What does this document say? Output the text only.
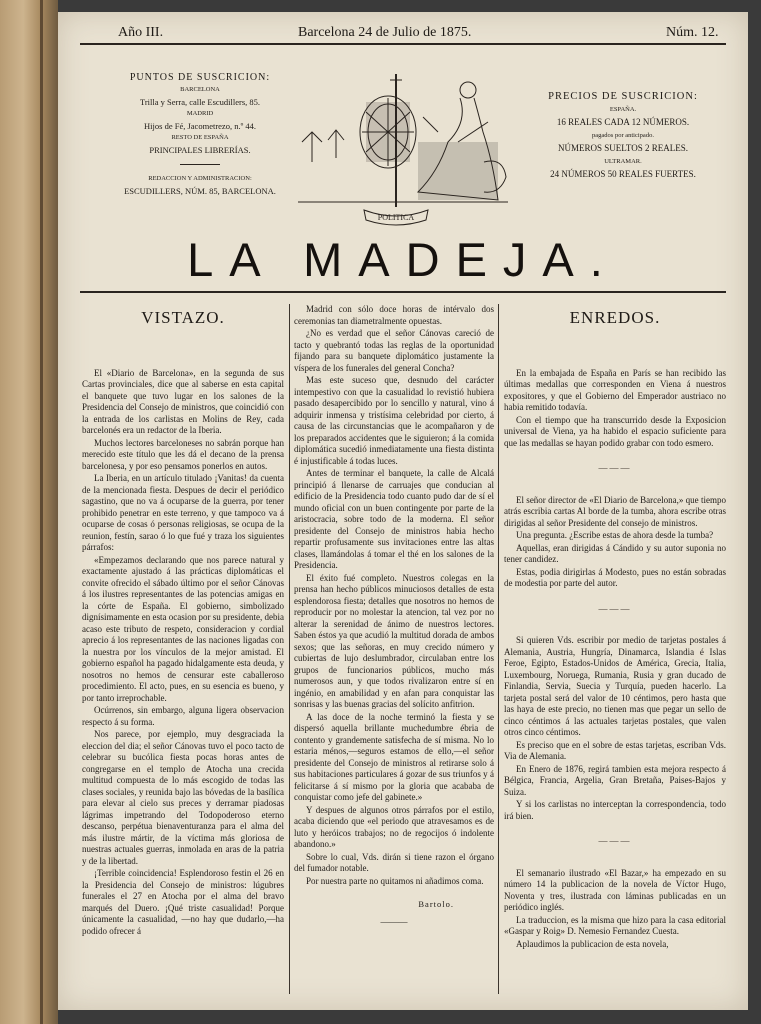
Año III.	Barcelona 24 de Julio de 1875.	Núm. 12.
PUNTOS DE SUSCRICION:
BARCELONA
Trilla y Serra, calle Escudillers, 85.
MADRID
Hijos de Fé, Jacometrezo, n.º 44.
RESTO DE ESPAÑA
PRINCIPALES LIBRERÍAS.
REDACCION Y ADMINISTRACION:
ESCUDILLERS, NÚM. 85, BARCELONA.
POLITICA
PRECIOS DE SUSCRICION:
ESPAÑA.
16 REALES CADA 12 NÚMEROS.
pagados por anticipado.
NÚMEROS SUELTOS 2 REALES.
ULTRAMAR.
24 NÚMEROS 50 REALES FUERTES.
LA MADEJA.

VISTAZO.

El «Diario de Barcelona», en la segunda de sus Cartas provinciales, dice que al saberse en esta capital el banquete que tuvo lugar en los salones de la Presidencia del Consejo de ministros, que coincidió con la entrada de los carlistas en Molins de Rey, cada barcelonés era un redactor de la Iberia.

Muchos lectores barceloneses no sabrán porque han merecido este título que les dá el decano de la prensa barcelonesa, y por eso pensamos ponerlos en autos.

La Iberia, en un artículo titulado ¡Vanitas! da cuenta de la mencionada fiesta. Despues de decir el periódico sagastino, que no va á ocuparse de la guerra, por tener prohibido penetrar en este terreno, y que tampoco va á ocuparse de cosas ó personas religiosas, se ocupa de la reunion, festín, sarao ó lo que fué y traza los siguientes párrafos:

«Empezamos declarando que nos parece natural y exactamente ajustado á las prácticas diplomáticas el convite ofrecido el sábado último por el señor Cánovas á los ilustres representantes de las potencias amigas en la córte de España. El gobierno, simbolizado dignísimamente en esta ocasion por su presidente, debia acaso este tributo de respeto, consideracion y cordial aprecio á los representantes de las naciones ligadas con la nuestra por los vínculos de la mejor amistad. El gobierno español ha pagado hidalgamente esta deuda, y nosotros no hemos de censurar este caballeroso procedimiento. El acto, pues, en su esencia es bueno, y por tanto irreprochable.

Ocúrrenos, sin embargo, alguna ligera observacion respecto á su forma.

Nos parece, por ejemplo, muy desgraciada la eleccion del dia; el señor Cánovas tuvo el poco tacto de celebrar su bucólica fiesta pocas horas antes de congregarse en el templo de Atocha una crecida multitud compuesta de lo más escogido de todas las clases sociales, y reunida bajo las bóvedas de la basílica para elevar al cielo sus preces y derramar piadosas lágrimas impetrando del Todopoderoso eterno descanso, perpétua bienaventuranza para el alma del más ilustre mártir, de la víctima más gloriosa de nuestras actuales guerras, inmolada en aras de la patria y de la libertad.

¡Terrible coincidencia! Esplendoroso festin el 26 en la Presidencia del Consejo de ministros: lúgubres funerales el 27 en Atocha por el alma del bravo marqués del Duero. ¡Qué triste casualidad! Porque únicamente la casualidad, —no hay que dudarlo,—ha podido ofrecer á

Madrid con sólo doce horas de intérvalo dos ceremonias tan diametralmente opuestas.

¿No es verdad que el señor Cánovas careció de tacto y quebrantó todas las reglas de la oportunidad fijando para su banquete diplomático justamente la víspera de los funerales del general Concha?

Mas este suceso que, desnudo del carácter intempestivo con que la casualidad lo revistió hubiera pasado desapercibido por lo sencillo y natural, vino á adquirir inmensa y tristísima celebridad por cierto, á causa de las circunstancias que le acompañaron y de los preparados accidentes que le siguieron; á la comida diplomática sucedió inmediatamente una fiesta distinta é injustificable á todas luces.

Antes de terminar el banquete, la calle de Alcalá principió á llenarse de carruajes que conducian al edificio de la Presidencia todo cuanto pudo dar de sí el mundo oficial con un buen contingente por parte de la aristocracia, sobre todo de la moderna. El señor presidente del Consejo de ministros habia hecho repartir profusamente sus invitaciones entre las altas clases, llamándolas á tomar el thé en los salones de la Presidencia.

El éxito fué completo. Nuestros colegas en la prensa han hecho públicos minuciosos detalles de esta esplendorosa fiesta; detalles que nosotros no hemos de reproducir por no molestar la atencion, tal vez por no alterar la serenidad de ánimo de nuestros lectores. Saben éstos ya que acudió la multitud dorada de ambos sexos; que las señoras, en muy crecido número y cubiertas de lujo deslumbrador, circulaban entre los grupos de funcionarios públicos, mucho más numerosos aun, y que todos rivalizaron entre sí en ingénio, en amabilidad y en afan para conquistar las sonrisas y las buenas gracias del solícito anfitrion.

A las doce de la noche terminó la fiesta y se dispersó aquella brillante muchedumbre ébria de contento y grandemente satisfecha de sí misma. No lo estaria ménos,—seguros estamos de ello,—el señor presidente del Consejo de ministros al retirarse solo á sus habitaciones particulares á gozar de sus triunfos y á felicitarse á sí mismo por la gloria que acababa de conquistar como jefe del gabinete.»

Y despues de algunos otros párrafos por el estilo, acaba diciendo que «el periodo que atravesamos es de luto y heróicos trabajos; no de regocijos ó indolente abandono.»

Sobre lo cual, Vds. dirán si tiene razon el órgano del fumador notable.

Por nuestra parte no quitamos ni añadimos coma.

Bartolo.

———

ENREDOS.

En la embajada de España en París se han recibido las últimas medallas que corresponden en Viena á nuestros expositores, y que el Gobierno del Emperador austriaco no habia remitido todavía.

Con el tiempo que ha transcurrido desde la Exposicion universal de Viena, ya ha habido el espacio suficiente para que las medallas se hayan podido grabar con todo esmero.

———

El señor director de «El Diario de Barcelona,» que tiempo atrás escribia cartas Al borde de la tumba, ahora escribe otras dirigidas al señor Presidente del consejo de ministros.

Una pregunta. ¿Escribe estas de ahora desde la tumba?

Aquellas, eran dirigidas á Cándido y su autor suponia no tener candidez.

Estas, podia dirigirlas á Modesto, pues no están sobradas de modestia por parte del autor.

———

Si quieren Vds. escribir por medio de tarjetas postales á Alemania, Austria, Hungría, Dinamarca, Islandia é Islas Feroe, Egipto, Estados-Unidos de América, Grecia, Italia, Luxembourg, Noruega, Rumania, Rusia y gran ducado de Finlandia, Servia, Suecia y Turquía, pueden hacerlo. La tarjeta postal será del valor de 10 céntimos, pero hasta que las haya de este precio, no tienen mas que pegar un sello de cinco céntimos á las actuales tarjetas postales, que valen otros cinco céntimos.

Es preciso que en el sobre de estas tarjetas, escriban Vds. Via de Alemania.

En Enero de 1876, regirá tambien esta mejora respecto á Bélgica, Francia, Argelia, Gran Bretaña, Paises-Bajos y Suiza.

Y si los carlistas no interceptan la correspondencia, todo irá bien.

———

El semanario ilustrado «El Bazar,» ha empezado en su número 14 la publicacion de la novela de Víctor Hugo, Noventa y tres, ilustrada con láminas publicadas en un periódico inglés.

La traduccion, es la misma que hizo para la casa editorial «Gaspar y Roig» D. Nemesio Fernandez Cuesta.

Aplaudimos la publicacion de esta novela,
